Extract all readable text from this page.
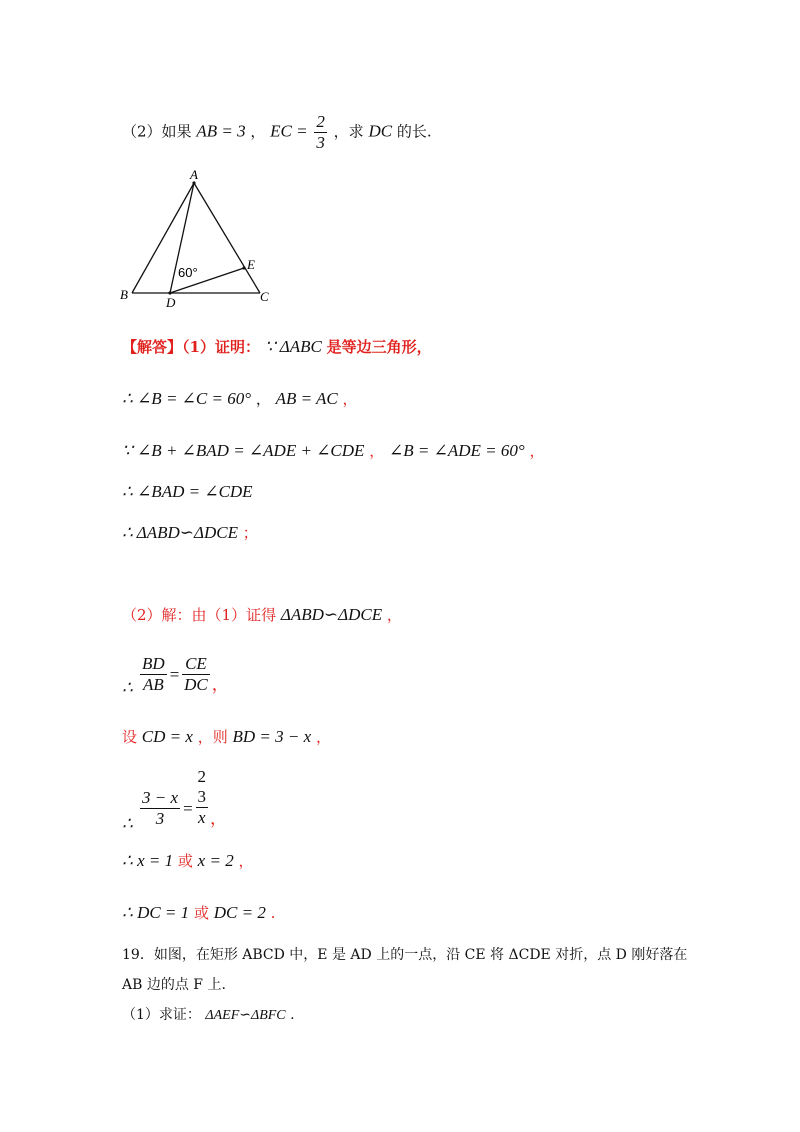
（2）如果 AB = 3 ， EC = $\frac{2}{3}$ ，求 DC 的长.
A
B	C
D
E
60°
【解答】（1）证明： ∵ ΔABC 是等边三角形，
∴ ∠B = ∠C = 60° ， AB = AC ，
∵ ∠B + ∠BAD = ∠ADE + ∠CDE ， ∠B = ∠ADE = 60° ，
∴ ∠BAD = ∠CDE
∴ ΔABD∽ΔDCE ；
（2）解：由（1）证得 ΔABD∽ΔDCE ，
∴ $\frac{BD}{AB} = \frac{CE}{DC}$ ，
设 CD = x ，则 BD = 3 − x ，
∴ $\frac{3 - x}{3}$ =
2
3
x ，
∴ x = 1 或 x = 2 ，
∴ DC = 1 或 DC = 2 .
19．如图，在矩形 ABCD 中，E 是 AD 上的一点，沿 CE 将 ΔCDE 对折，点 D 刚好落在
AB 边的点 F 上.
（1）求证： ΔAEF∽ΔBFC .
